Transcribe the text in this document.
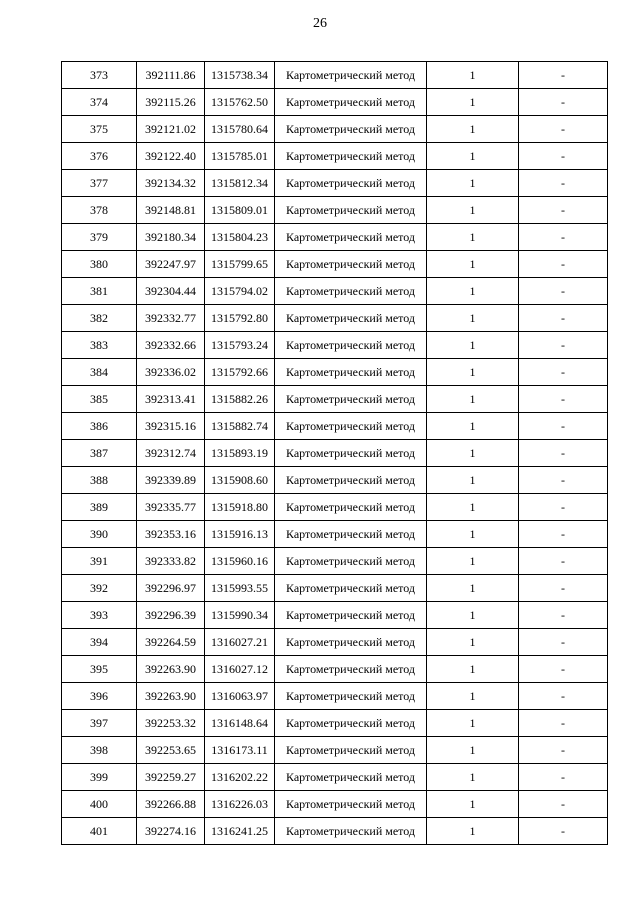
26
373	392111.86	1315738.34	Картометрический метод	1	-
374	392115.26	1315762.50	Картометрический метод	1	-
375	392121.02	1315780.64	Картометрический метод	1	-
376	392122.40	1315785.01	Картометрический метод	1	-
377	392134.32	1315812.34	Картометрический метод	1	-
378	392148.81	1315809.01	Картометрический метод	1	-
379	392180.34	1315804.23	Картометрический метод	1	-
380	392247.97	1315799.65	Картометрический метод	1	-
381	392304.44	1315794.02	Картометрический метод	1	-
382	392332.77	1315792.80	Картометрический метод	1	-
383	392332.66	1315793.24	Картометрический метод	1	-
384	392336.02	1315792.66	Картометрический метод	1	-
385	392313.41	1315882.26	Картометрический метод	1	-
386	392315.16	1315882.74	Картометрический метод	1	-
387	392312.74	1315893.19	Картометрический метод	1	-
388	392339.89	1315908.60	Картометрический метод	1	-
389	392335.77	1315918.80	Картометрический метод	1	-
390	392353.16	1315916.13	Картометрический метод	1	-
391	392333.82	1315960.16	Картометрический метод	1	-
392	392296.97	1315993.55	Картометрический метод	1	-
393	392296.39	1315990.34	Картометрический метод	1	-
394	392264.59	1316027.21	Картометрический метод	1	-
395	392263.90	1316027.12	Картометрический метод	1	-
396	392263.90	1316063.97	Картометрический метод	1	-
397	392253.32	1316148.64	Картометрический метод	1	-
398	392253.65	1316173.11	Картометрический метод	1	-
399	392259.27	1316202.22	Картометрический метод	1	-
400	392266.88	1316226.03	Картометрический метод	1	-
401	392274.16	1316241.25	Картометрический метод	1	-
